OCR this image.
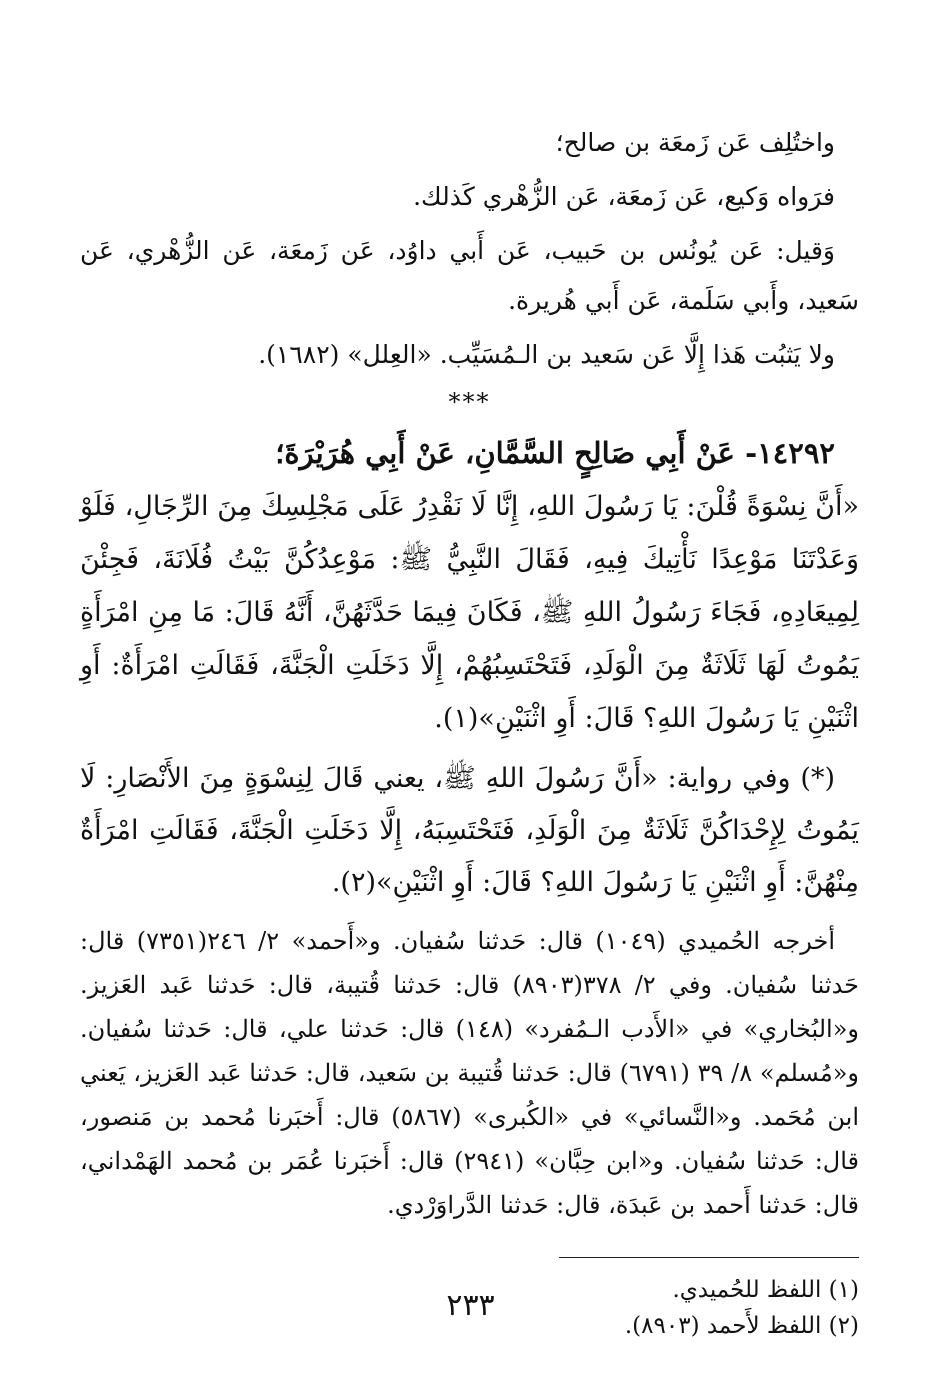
واختُلِف عَن زَمعَة بن صالح؛

فرَواه وَكيع، عَن زَمعَة، عَن الزُّهْري كَذلك.

وَقيل: عَن يُونُس بن حَبيب، عَن أَبي داوُد، عَن زَمعَة، عَن الزُّهْري، عَن سَعيد، وأَبي سَلَمة، عَن أَبي هُريرة.

ولا يَثبُت هَذا إِلَّا عَن سَعيد بن الـمُسَيِّب. «العِلل» (١٦٨٢).

***

١٤٢٩٢- عَنْ أَبِي صَالِحٍ السَّمَّانِ، عَنْ أَبِي هُرَيْرَةَ؛

«أَنَّ نِسْوَةً قُلْنَ: يَا رَسُولَ اللهِ، إِنَّا لَا نَقْدِرُ عَلَى مَجْلِسِكَ مِنَ الرِّجَالِ، فَلَوْ وَعَدْتَنَا مَوْعِدًا نَأْتِيكَ فِيهِ، فَقَالَ النَّبِيُّ ﷺ: مَوْعِدُكُنَّ بَيْتُ فُلَانَةَ، فَجِئْنَ لِمِيعَادِهِ، فَجَاءَ رَسُولُ اللهِ ﷺ، فَكَانَ فِيمَا حَدَّثَهُنَّ، أَنَّهُ قَالَ: مَا مِنِ امْرَأَةٍ يَمُوتُ لَهَا ثَلَاثَةٌ مِنَ الْوَلَدِ، فَتَحْتَسِبُهُمْ، إِلَّا دَخَلَتِ الْجَنَّةَ، فَقَالَتِ امْرَأَةٌ: أَوِ اثْنَيْنِ يَا رَسُولَ اللهِ؟ قَالَ: أَوِ اثْنَيْنِ»(١).

(*) وفي رواية: «أَنَّ رَسُولَ اللهِ ﷺ، يعني قَالَ لِنِسْوَةٍ مِنَ الأَنْصَارِ: لَا يَمُوتُ لِإِحْدَاكُنَّ ثَلَاثَةٌ مِنَ الْوَلَدِ، فَتَحْتَسِبَهُ، إِلَّا دَخَلَتِ الْجَنَّةَ، فَقَالَتِ امْرَأَةٌ مِنْهُنَّ: أَوِ اثْنَيْنِ يَا رَسُولَ اللهِ؟ قَالَ: أَوِ اثْنَيْنِ»(٢).

أخرجه الحُميدي (١٠٤٩) قال: حَدثنا سُفيان. و«أَحمد» ٢/ ٢٤٦(٧٣٥١) قال: حَدثنا سُفيان. وفي ٢/ ٣٧٨(٨٩٠٣) قال: حَدثنا قُتيبة، قال: حَدثنا عَبد العَزيز. و«البُخاري» في «الأَدب الـمُفرد» (١٤٨) قال: حَدثنا علي، قال: حَدثنا سُفيان. و«مُسلم» ٨/ ٣٩ (٦٧٩١) قال: حَدثنا قُتيبة بن سَعيد، قال: حَدثنا عَبد العَزيز، يَعني ابن مُحَمد. و«النَّسائي» في «الكُبرى» (٥٨٦٧) قال: أَخبَرنا مُحمد بن مَنصور، قال: حَدثنا سُفيان. و«ابن حِبَّان» (٢٩٤١) قال: أَخبَرنا عُمَر بن مُحمد الهَمْداني، قال: حَدثنا أَحمد بن عَبدَة، قال: حَدثنا الدَّراوَرْدي.

(١) اللفظ للحُميدي.

(٢) اللفظ لأَحمد (٨٩٠٣).

٢٣٣
